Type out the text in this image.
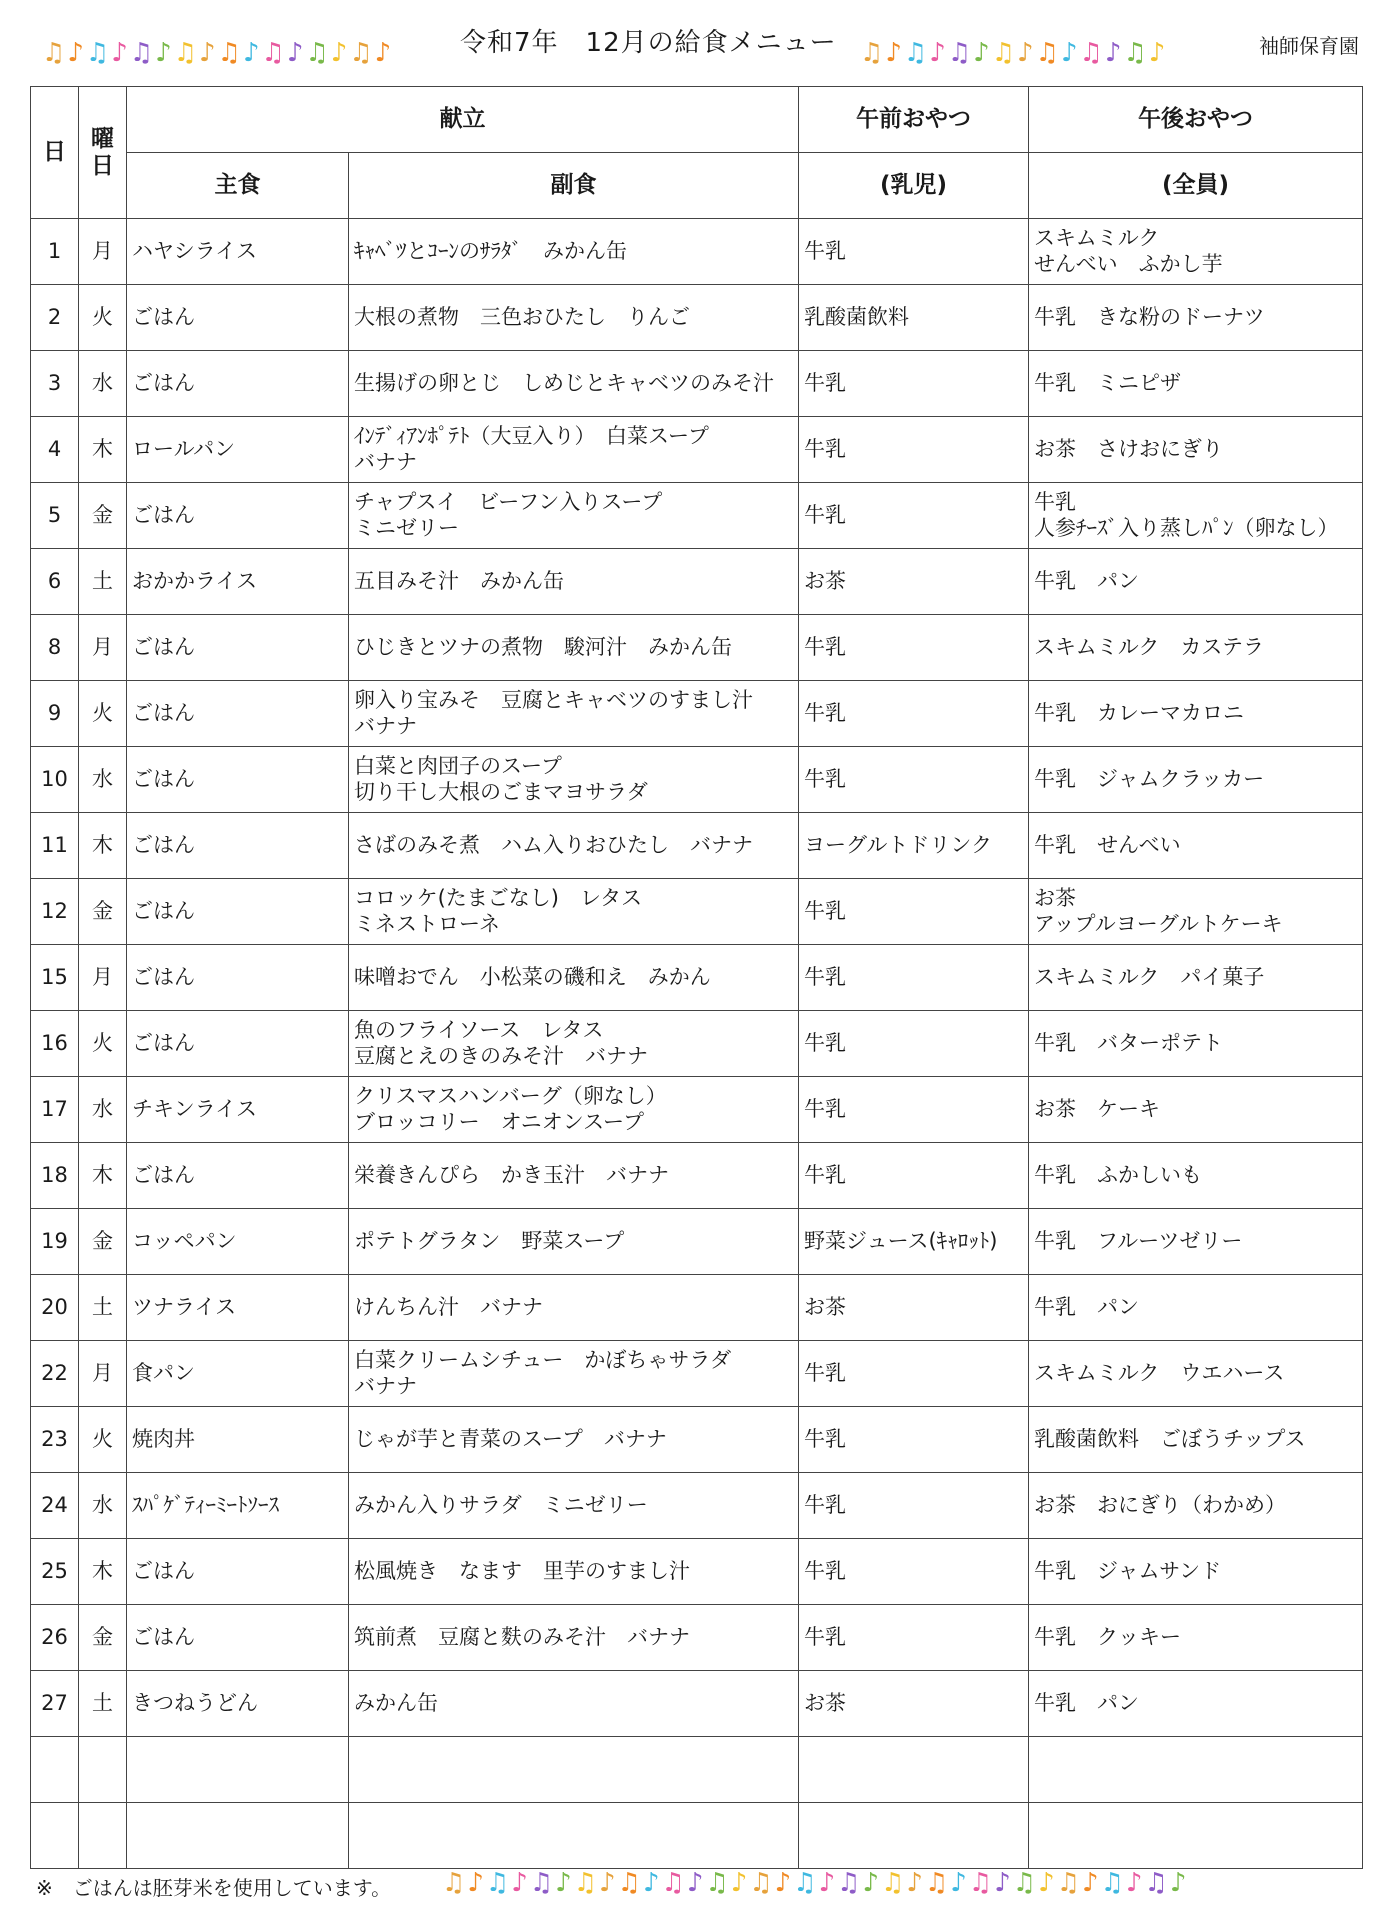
♫♪♫♪♫♪♫♪♫♪♫♪♫♪♫♪	令和7年　12月の給食メニュー ♫♪♫♪♫♪♫♪♫♪♫♪♫♪	袖師保育園
日	曜
日	献立		午前おやつ	午後おやつ
		主食	副食	(乳児)	(全員)
1	月	ハヤシライス	ｷｬﾍﾞﾂとｺｰﾝのｻﾗﾀﾞ　みかん缶	牛乳	スキムミルク
せんべい　ふかし芋
2	火	ごはん	大根の煮物　三色おひたし　りんご	乳酸菌飲料	牛乳　きな粉のドーナツ
3	水	ごはん	生揚げの卵とじ　しめじとキャベツのみそ汁	牛乳	牛乳　ミニピザ
4	木	ロールパン	ｲﾝﾃﾞｨｱﾝﾎﾟﾃﾄ（大豆入り）　白菜スープ
バナナ	牛乳	お茶　さけおにぎり
5	金	ごはん	チャプスイ　ビーフン入りスープ
ミニゼリー	牛乳	牛乳
人参ﾁｰｽﾞ入り蒸しﾊﾟﾝ（卵なし）
6	土	おかかライス	五目みそ汁　みかん缶	お茶	牛乳　パン
8	月	ごはん	ひじきとツナの煮物　駿河汁　みかん缶	牛乳	スキムミルク　カステラ
9	火	ごはん	卵入り宝みそ　豆腐とキャベツのすまし汁
バナナ	牛乳	牛乳　カレーマカロニ
10	水	ごはん	白菜と肉団子のスープ
切り干し大根のごまマヨサラダ	牛乳	牛乳　ジャムクラッカー
11	木	ごはん	さばのみそ煮　ハム入りおひたし　バナナ	ヨーグルトドリンク	牛乳　せんべい
12	金	ごはん	コロッケ(たまごなし)　レタス
ミネストローネ	牛乳	お茶
アップルヨーグルトケーキ
15	月	ごはん	味噌おでん　小松菜の磯和え　みかん	牛乳	スキムミルク　パイ菓子
16	火	ごはん	魚のフライソース　レタス
豆腐とえのきのみそ汁　バナナ	牛乳	牛乳　バターポテト
17	水	チキンライス	クリスマスハンバーグ（卵なし）
ブロッコリー　オニオンスープ	牛乳	お茶　ケーキ
18	木	ごはん	栄養きんぴら　かき玉汁　バナナ	牛乳	牛乳　ふかしいも
19	金	コッペパン	ポテトグラタン　野菜スープ	野菜ジュース(ｷｬﾛｯﾄ)	牛乳　フルーツゼリー
20	土	ツナライス	けんちん汁　バナナ	お茶	牛乳　パン
22	月	食パン	白菜クリームシチュー　かぼちゃサラダ
バナナ	牛乳	スキムミルク　ウエハース
23	火	焼肉丼	じゃが芋と青菜のスープ　バナナ	牛乳	乳酸菌飲料　ごぼうチップス
24	水	ｽﾊﾟｹﾞﾃｨｰﾐｰﾄｿｰｽ	みかん入りサラダ　ミニゼリー	牛乳	お茶　おにぎり（わかめ）
25	木	ごはん	松風焼き　なます　里芋のすまし汁	牛乳	牛乳　ジャムサンド
26	金	ごはん	筑前煮　豆腐と麩のみそ汁　バナナ	牛乳	牛乳　クッキー
27	土	きつねうどん	みかん缶	お茶	牛乳　パン

※　ごはんは胚芽米を使用しています。 ♫♪♫♪♫♪♫♪♫♪♫♪♫♪♫♪♫♪♫♪♫♪♫♪♫♪♫♪♫♪♫♪♫♪
